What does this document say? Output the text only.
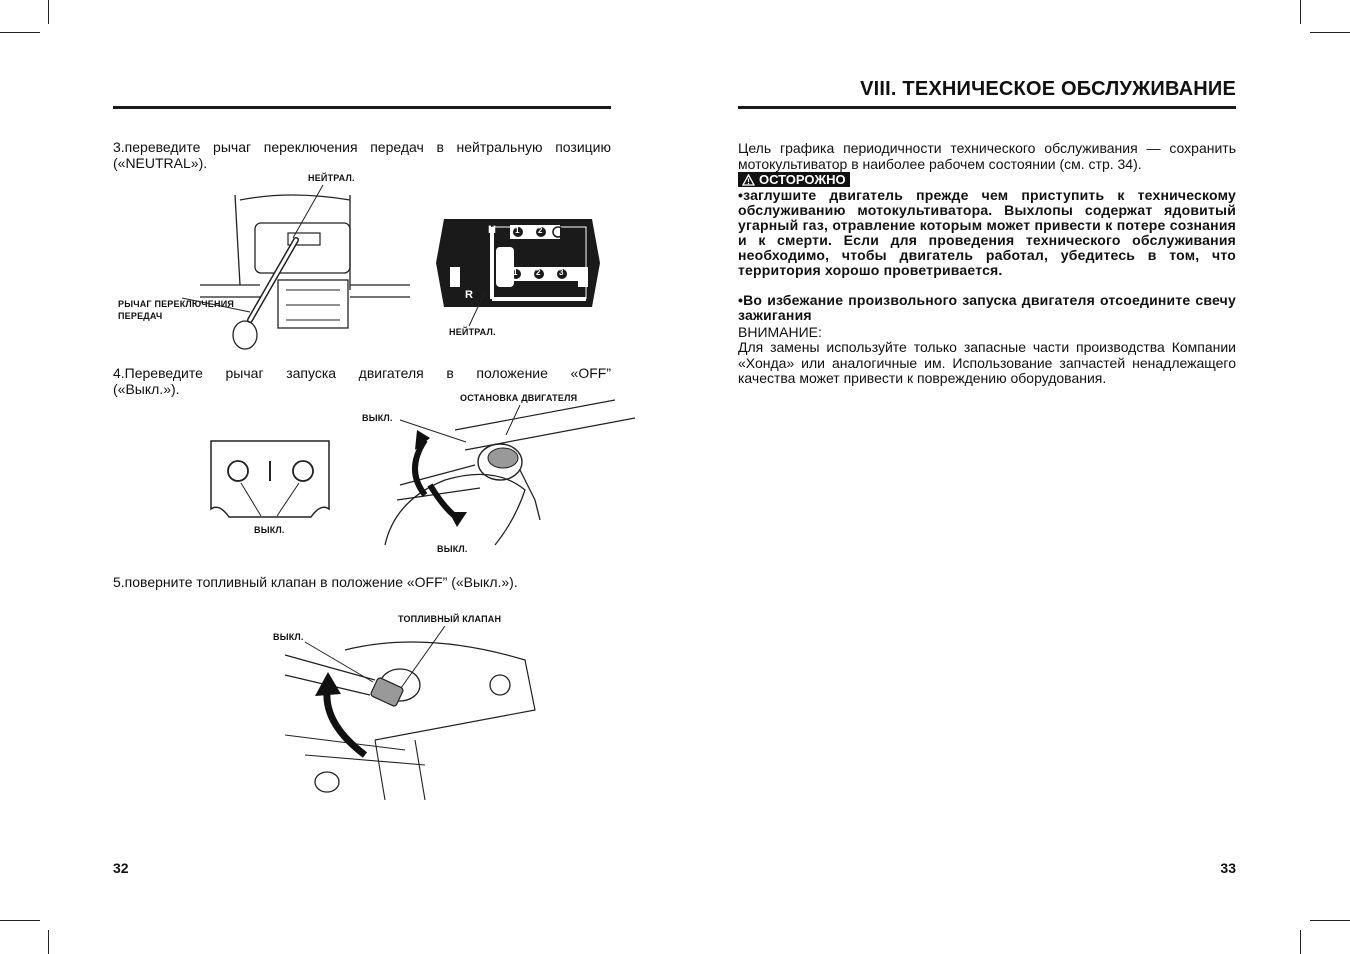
VIII. ТЕХНИЧЕСКОЕ ОБСЛУЖИВАНИЕ
3.переведите рычаг переключения передач в нейтральную позицию («NEUTRAL»).
НЕЙТРАЛ.
РЫЧАГ ПЕРЕКЛЮЧЕНИЯ ПЕРЕДАЧ
N
R
1 2
1 2 3
НЕЙТРАЛ.
4.Переведите рычаг запуска двигателя в положение «OFF” («Выкл.»).
ВЫКЛ.
ОСТАНОВКА ДВИГАТЕЛЯ
ВЫКЛ.
ВЫКЛ.
5.поверните топливный клапан в положение «OFF” («Выкл.»).
ТОПЛИВНЫЙ КЛАПАН
ВЫКЛ.
32
Цель графика периодичности технического обслуживания — сохранить мотокультиватор в наиболее рабочем состоянии (см. стр. 34).
ОСТОРОЖНО
•заглушите двигатель прежде чем приступить к техническому обслуживанию мотокультиватора. Выхлопы содержат ядовитый угарный газ, отравление которым может привести к потере сознания и к смерти. Если для проведения технического обслуживания необходимо, чтобы двигатель работал, убедитесь в том, что территория хорошо проветривается.
•Во избежание произвольного запуска двигателя отсоедините свечу зажигания
ВНИМАНИЕ:
Для замены используйте только запасные части производства Компании «Хонда» или аналогичные им. Использование запчастей ненадлежащего качества может привести к повреждению оборудования.
33
